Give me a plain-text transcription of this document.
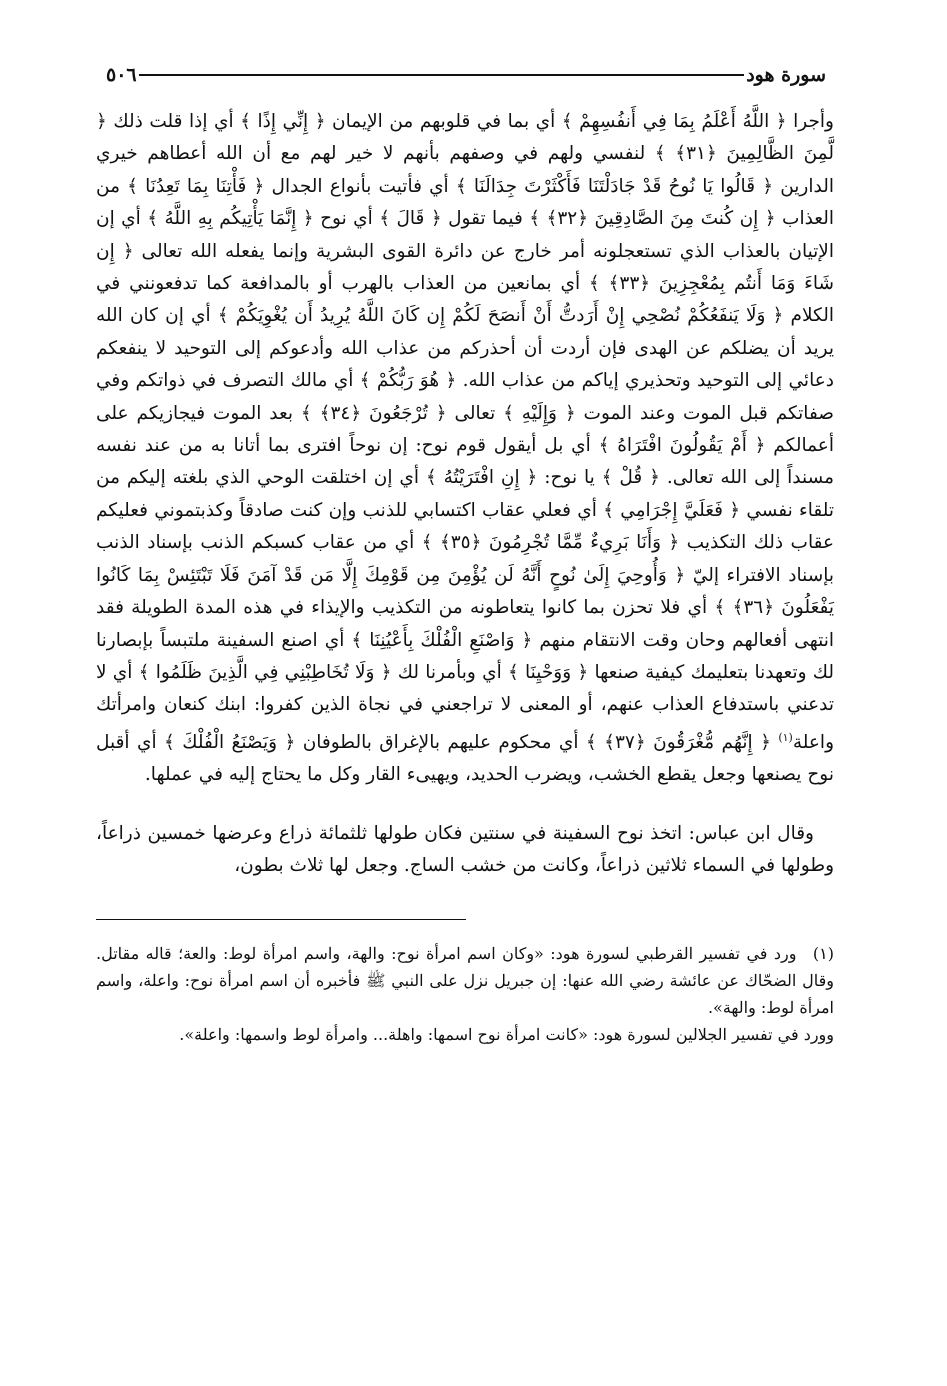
سورة هود
٥٠٦

وأجرا ﴿ اللَّهُ أَعْلَمُ بِمَا فِي أَنفُسِهِمْ ﴾ أي بما في قلوبهم من الإيمان ﴿ إِنِّي إِذًا ﴾ أي إذا قلت ذلك ﴿ لَّمِنَ الظَّالِمِينَ ﴿٣١﴾ ﴾ لنفسي ولهم في وصفهم بأنهم لا خير لهم مع أن الله أعطاهم خيري الدارين ﴿ قَالُوا يَا نُوحُ قَدْ جَادَلْتَنَا فَأَكْثَرْتَ جِدَالَنَا ﴾ أي فأتيت بأنواع الجدال ﴿ فَأْتِنَا بِمَا تَعِدُنَا ﴾ من العذاب ﴿ إِن كُنتَ مِنَ الصَّادِقِينَ ﴿٣٢﴾ ﴾ فيما تقول ﴿ قَالَ ﴾ أي نوح ﴿ إِنَّمَا يَأْتِيكُم بِهِ اللَّهُ ﴾ أي إن الإتيان بالعذاب الذي تستعجلونه أمر خارج عن دائرة القوى البشرية وإنما يفعله الله تعالى ﴿ إِن شَاءَ وَمَا أَنتُم بِمُعْجِزِينَ ﴿٣٣﴾ ﴾ أي بمانعين من العذاب بالهرب أو بالمدافعة كما تدفعونني في الكلام ﴿ وَلَا يَنفَعُكُمْ نُصْحِي إِنْ أَرَدتُّ أَنْ أَنصَحَ لَكُمْ إِن كَانَ اللَّهُ يُرِيدُ أَن يُغْوِيَكُمْ ﴾ أي إن كان الله يريد أن يضلكم عن الهدى فإن أردت أن أحذركم من عذاب الله وأدعوكم إلى التوحيد لا ينفعكم دعائي إلى التوحيد وتحذيري إياكم من عذاب الله. ﴿ هُوَ رَبُّكُمْ ﴾ أي مالك التصرف في ذواتكم وفي صفاتكم قبل الموت وعند الموت ﴿ وَإِلَيْهِ ﴾ تعالى ﴿ تُرْجَعُونَ ﴿٣٤﴾ ﴾ بعد الموت فيجازيكم على أعمالكم ﴿ أَمْ يَقُولُونَ افْتَرَاهُ ﴾ أي بل أيقول قوم نوح: إن نوحاً افترى بما أتانا به من عند نفسه مسنداً إلى الله تعالى. ﴿ قُلْ ﴾ يا نوح: ﴿ إِنِ افْتَرَيْتُهُ ﴾ أي إن اختلقت الوحي الذي بلغته إليكم من تلقاء نفسي ﴿ فَعَلَيَّ إِجْرَامِي ﴾ أي فعلي عقاب اكتسابي للذنب وإن كنت صادقاً وكذبتموني فعليكم عقاب ذلك التكذيب ﴿ وَأَنَا بَرِيءٌ مِّمَّا تُجْرِمُونَ ﴿٣٥﴾ ﴾ أي من عقاب كسبكم الذنب بإسناد الذنب بإسناد الافتراء إليّ ﴿ وَأُوحِيَ إِلَىٰ نُوحٍ أَنَّهُ لَن يُؤْمِنَ مِن قَوْمِكَ إِلَّا مَن قَدْ آمَنَ فَلَا تَبْتَئِسْ بِمَا كَانُوا يَفْعَلُونَ ﴿٣٦﴾ ﴾ أي فلا تحزن بما كانوا يتعاطونه من التكذيب والإيذاء في هذه المدة الطويلة فقد انتهى أفعالهم وحان وقت الانتقام منهم ﴿ وَاصْنَعِ الْفُلْكَ بِأَعْيُنِنَا ﴾ أي اصنع السفينة ملتبساً بإبصارنا لك وتعهدنا بتعليمك كيفية صنعها ﴿ وَوَحْيِنَا ﴾ أي وبأمرنا لك ﴿ وَلَا تُخَاطِبْنِي فِي الَّذِينَ ظَلَمُوا ﴾ أي لا تدعني باستدفاع العذاب عنهم، أو المعنى لا تراجعني في نجاة الذين كفروا: ابنك كنعان وامرأتك واعلة$^{(١)}$ ﴿ إِنَّهُم مُّغْرَقُونَ ﴿٣٧﴾ ﴾ أي محكوم عليهم بالإغراق بالطوفان ﴿ وَيَصْنَعُ الْفُلْكَ ﴾ أي أقبل نوح يصنعها وجعل يقطع الخشب، ويضرب الحديد، ويهيىء القار وكل ما يحتاج إليه في عملها.

وقال ابن عباس: اتخذ نوح السفينة في سنتين فكان طولها ثلثمائة ذراع وعرضها خمسين ذراعاً، وطولها في السماء ثلاثين ذراعاً، وكانت من خشب الساج. وجعل لها ثلاث بطون،

(١) ورد في تفسير القرطبي لسورة هود: «وكان اسم امرأة نوح: والهة، واسم امرأة لوط: والعة؛ قاله مقاتل. وقال الضحّاك عن عائشة رضي الله عنها: إن جبريل نزل على النبي ﷺ فأخبره أن اسم امرأة نوح: واعلة، واسم امرأة لوط: والهة».

وورد في تفسير الجلالين لسورة هود: «كانت امرأة نوح اسمها: واهلة... وامرأة لوط واسمها: واعلة».
